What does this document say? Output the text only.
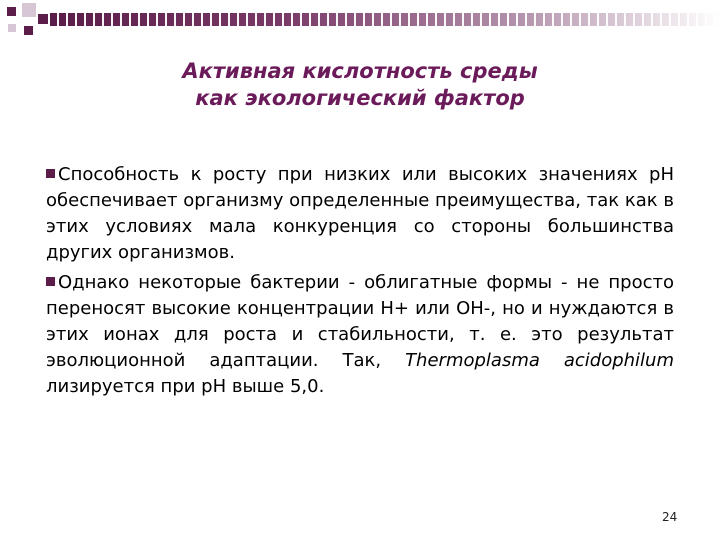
Активная кислотность среды
как экологический фактор

Способность к росту при низких или высоких значениях рН обеспечивает организму определенные преимущества, так как в этих условиях мала конкуренция со стороны большинства других организмов.

Однако некоторые бактерии - облигатные формы - не просто переносят высокие концентрации Н+ или ОН-, но и нуждаются в этих ионах для роста и стабильности, т. е. это результат эволюционной адаптации. Так, Thermoplasma acidophilum лизируется при pH выше 5,0.

24
